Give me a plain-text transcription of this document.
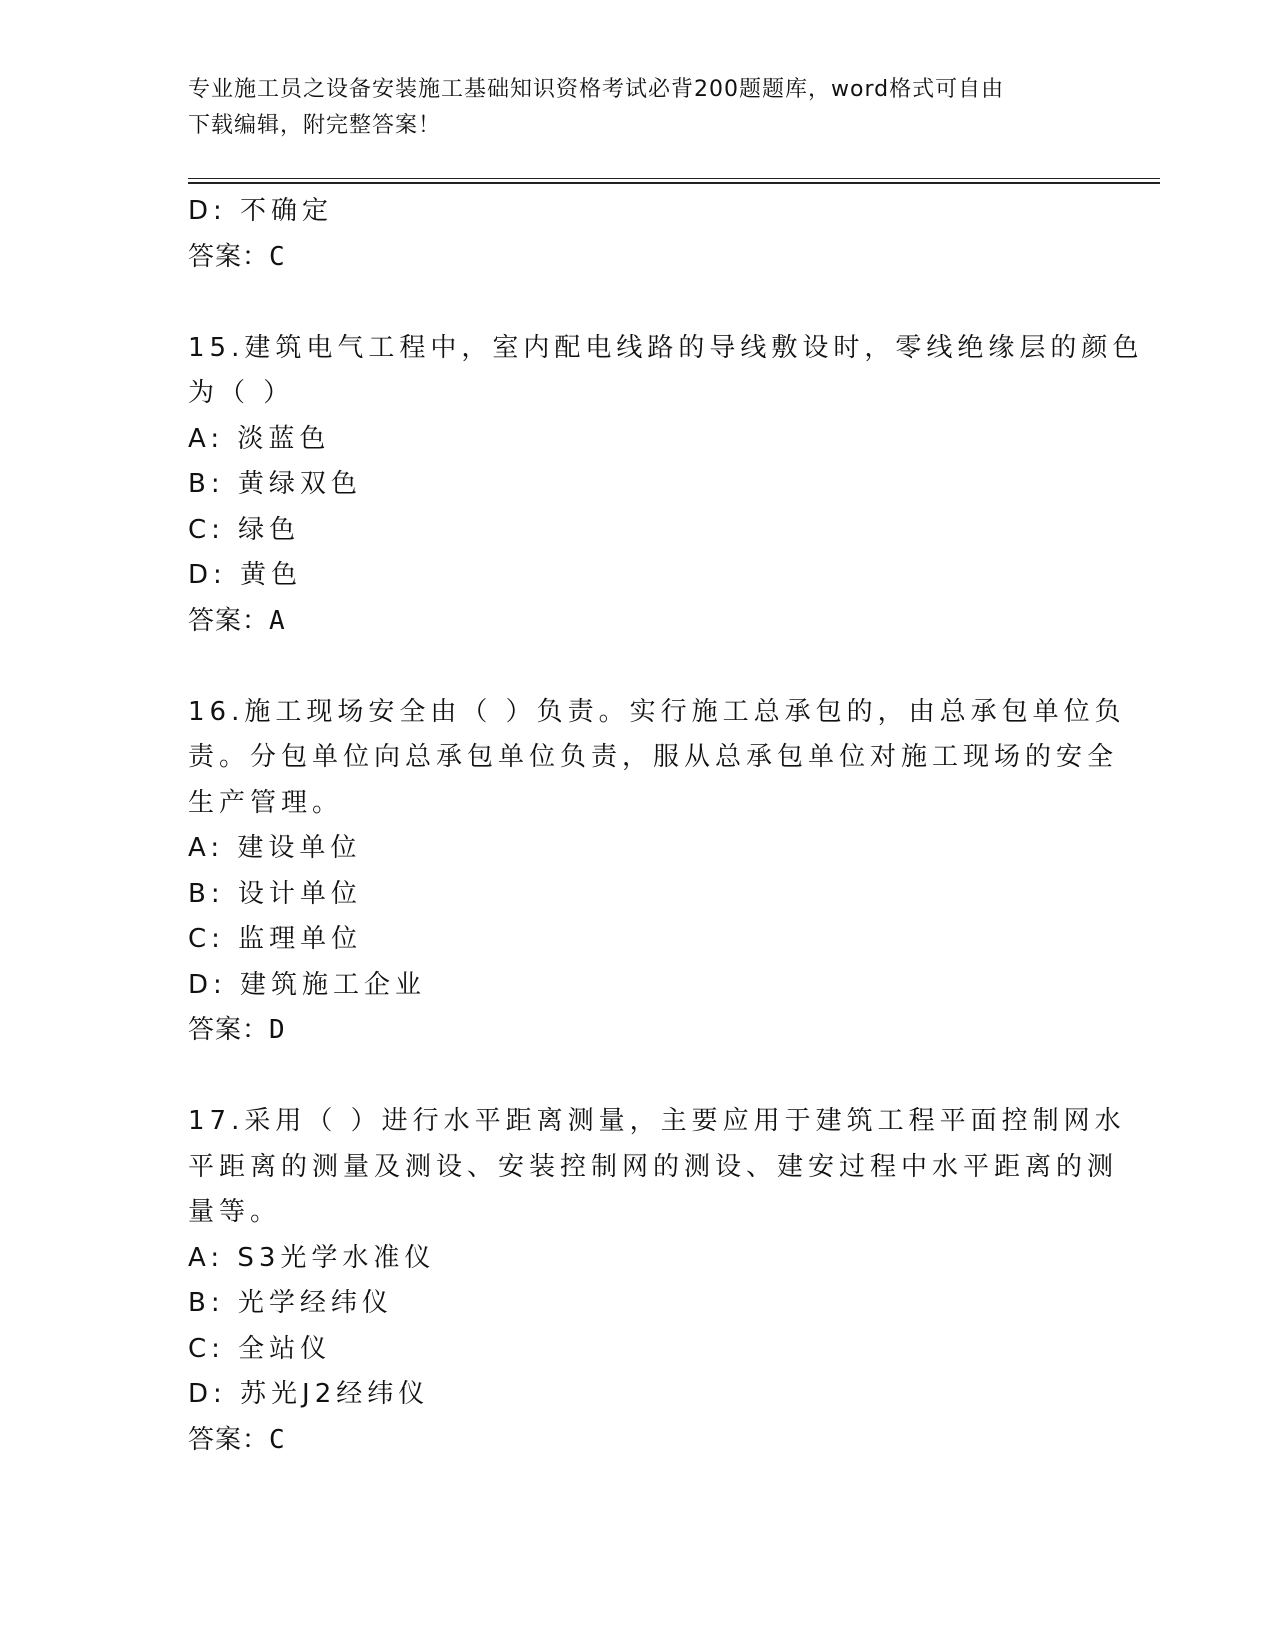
专业施工员之设备安装施工基础知识资格考试必背200题题库，word格式可自由
下载编辑，附完整答案！
D: 不确定
答案：C
15.建筑电气工程中，室内配电线路的导线敷设时，零线绝缘层的颜色
为（ ）
A: 淡蓝色
B: 黄绿双色
C: 绿色
D: 黄色
答案：A
16.施工现场安全由（ ）负责。实行施工总承包的，由总承包单位负
责。分包单位向总承包单位负责，服从总承包单位对施工现场的安全
生产管理。
A: 建设单位
B: 设计单位
C: 监理单位
D: 建筑施工企业
答案：D
17.采用（ ）进行水平距离测量，主要应用于建筑工程平面控制网水
平距离的测量及测设、安装控制网的测设、建安过程中水平距离的测
量等。
A: S3光学水准仪
B: 光学经纬仪
C: 全站仪
D: 苏光J2经纬仪
答案：C
